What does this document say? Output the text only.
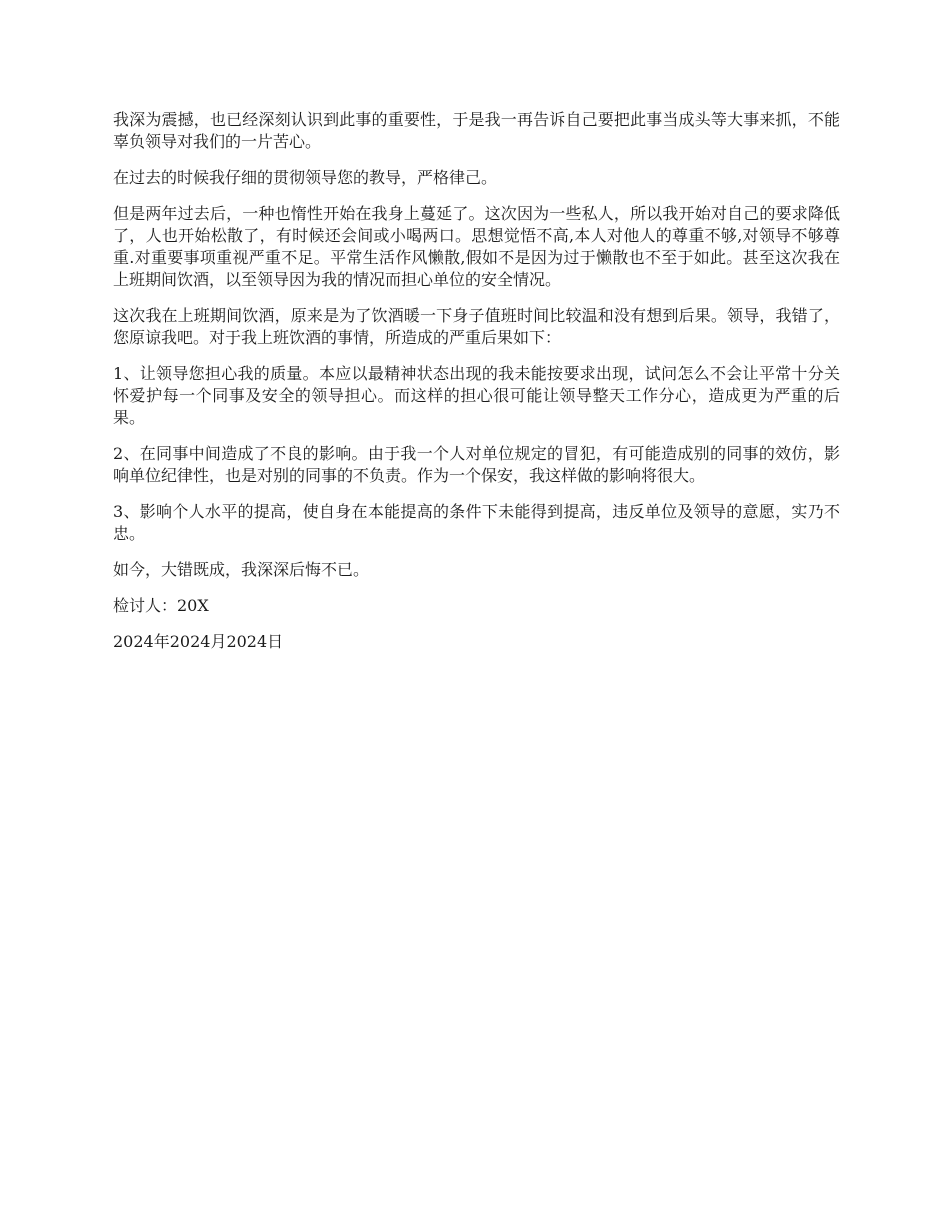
我深为震撼，也已经深刻认识到此事的重要性，于是我一再告诉自己要把此事当成头等大事来抓，不能辜负领导对我们的一片苦心。

在过去的时候我仔细的贯彻领导您的教导，严格律己。

但是两年过去后，一种也惰性开始在我身上蔓延了。这次因为一些私人，所以我开始对自己的要求降低了，人也开始松散了，有时候还会间或小喝两口。思想觉悟不高,本人对他人的尊重不够,对领导不够尊重.对重要事项重视严重不足。平常生活作风懒散,假如不是因为过于懒散也不至于如此。甚至这次我在上班期间饮酒，以至领导因为我的情况而担心单位的安全情况。

这次我在上班期间饮酒，原来是为了饮酒暖一下身子值班时间比较温和没有想到后果。领导，我错了，您原谅我吧。对于我上班饮酒的事情，所造成的严重后果如下：

1、让领导您担心我的质量。本应以最精神状态出现的我未能按要求出现，试问怎么不会让平常十分关怀爱护每一个同事及安全的领导担心。而这样的担心很可能让领导整天工作分心，造成更为严重的后果。

2、在同事中间造成了不良的影响。由于我一个人对单位规定的冒犯，有可能造成别的同事的效仿，影响单位纪律性，也是对别的同事的不负责。作为一个保安，我这样做的影响将很大。

3、影响个人水平的提高，使自身在本能提高的条件下未能得到提高，违反单位及领导的意愿，实乃不忠。

如今，大错既成，我深深后悔不已。

检讨人：20X

2024年2024月2024日
